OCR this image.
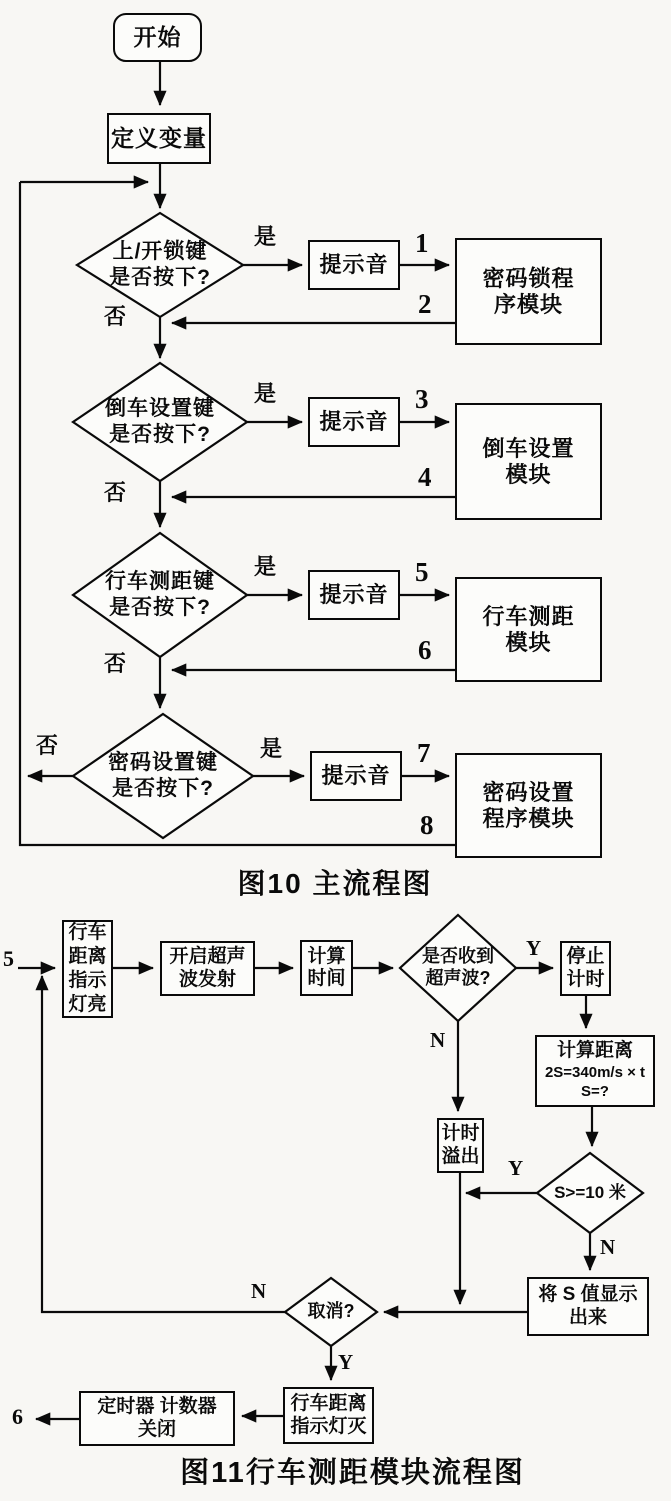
开始
定义变量
上/开锁键
是否按下?
是
否
提示音
1
2
密码锁程
序模块
倒车设置键
是否按下?
是
否
提示音
3
4
倒车设置
模块
行车测距键
是否按下?
是
否
提示音
5
6
行车测距
模块
密码设置键
是否按下?
是
否
提示音
7
8
密码设置
程序模块
图10 主流程图
5
行车
距离
指示
灯亮
开启超声
波发射
计算
时间
是否收到
超声波?
Y
N
停止
计时
计算距离
2S=340m/s × t
S=?
计时
溢出
S>=10 米
Y
N
将 S 值显示
出来
取消?
N
Y
行车距离
指示灯灭
定时器 计数器
关闭
6
图11行车测距模块流程图
